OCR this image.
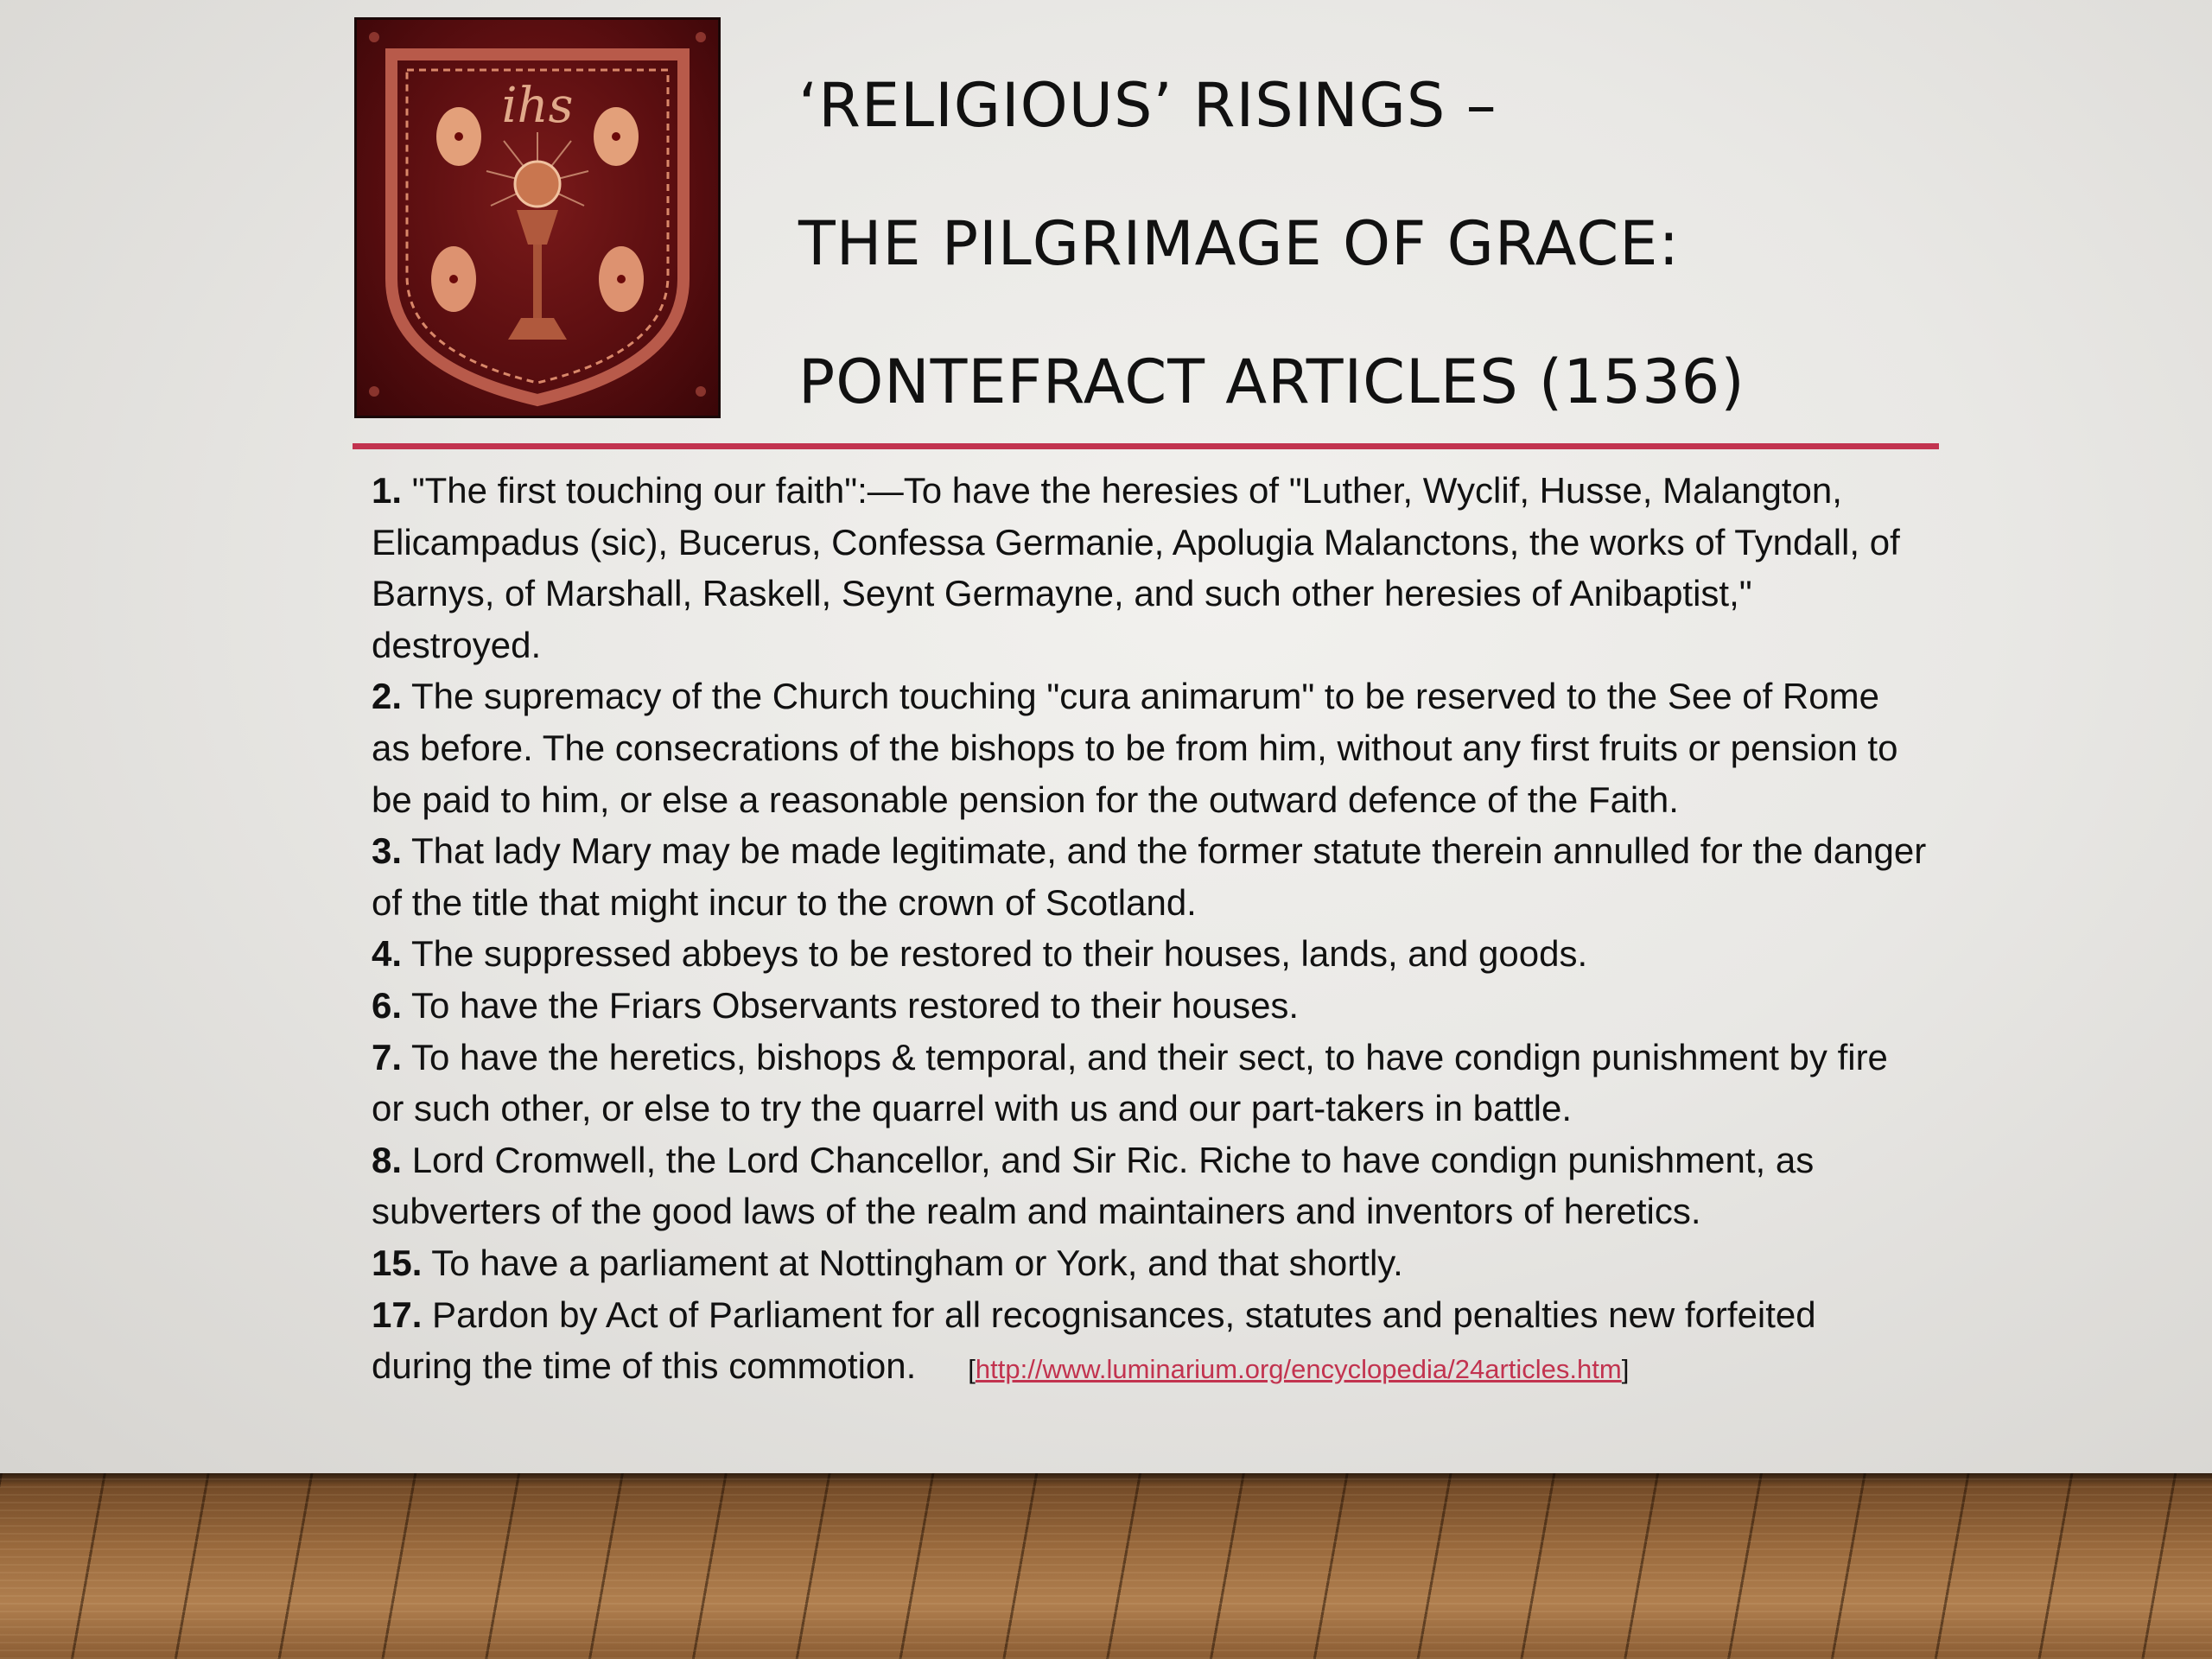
ihs	‘RELIGIOUS’ RISINGS –
THE PILGRIMAGE OF GRACE:
PONTEFRACT ARTICLES (1536)

1. "The first touching our faith":—To have the heresies of "Luther, Wyclif, Husse, Malangton, Elicampadus (sic), Bucerus, Confessa Germanie, Apolugia Malanctons, the works of Tyndall, of Barnys, of Marshall, Raskell, Seynt Germayne, and such other heresies of Anibaptist," destroyed.

2. The supremacy of the Church touching "cura animarum" to be reserved to the See of Rome as before. The consecrations of the bishops to be from him, without any first fruits or pension to be paid to him, or else a reasonable pension for the outward defence of the Faith.

3. That lady Mary may be made legitimate, and the former statute therein annulled for the danger of the title that might incur to the crown of Scotland.

4. The suppressed abbeys to be restored to their houses, lands, and goods.

6. To have the Friars Observants restored to their houses.

7. To have the heretics, bishops & temporal, and their sect, to have condign punishment by fire or such other, or else to try the quarrel with us and our part-takers in battle.

8. Lord Cromwell, the Lord Chancellor, and Sir Ric. Riche to have condign punishment, as subverters of the good laws of the realm and maintainers and inventors of heretics.

15. To have a parliament at Nottingham or York, and that shortly.

17. Pardon by Act of Parliament for all recognisances, statutes and penalties new forfeited during the time of this commotion. [http://www.luminarium.org/encyclopedia/24articles.htm]
